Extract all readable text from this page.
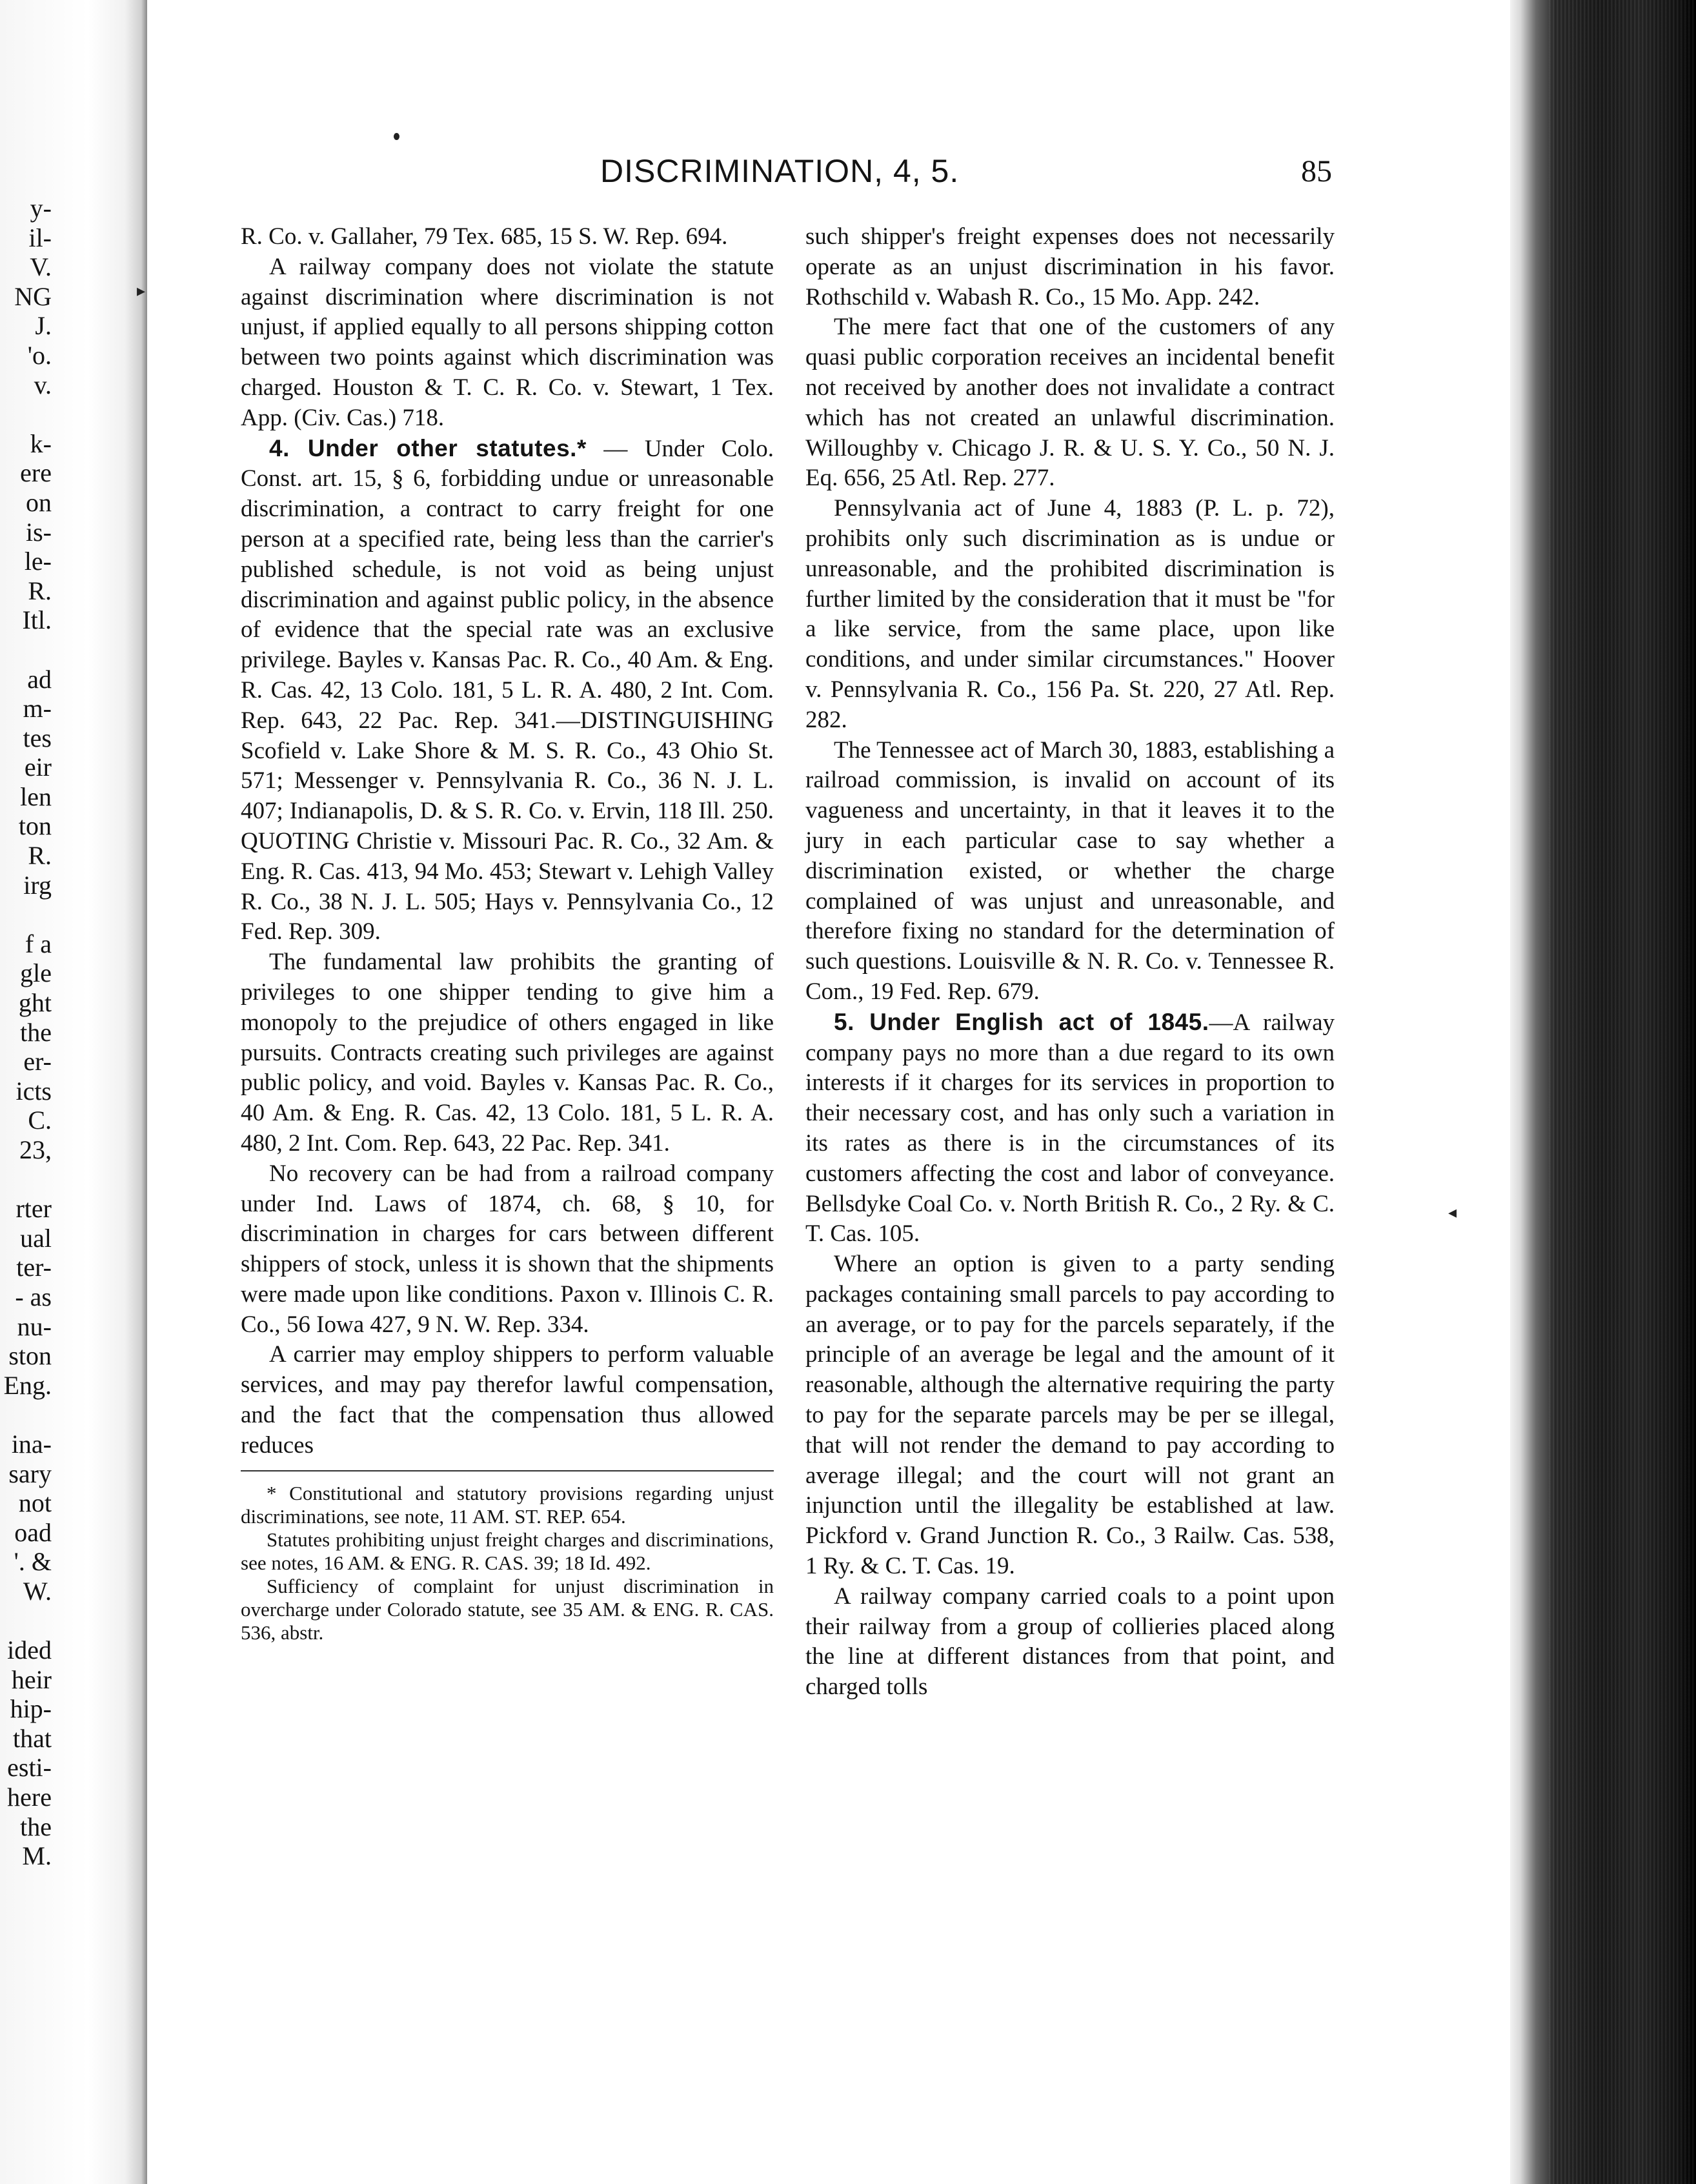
y-
il-
V.
NG
J.
'o.
v.
k-
ere
on
is-
le-
R.
Itl.
ad
m-
tes
eir
len
ton
R.
irg
f a
gle
ght
the
er-
icts
C.
23,
rter
ual
ter-
- as
nu-
ston
Eng.
ina-
sary
not
oad
'. &
W.
ided
heir
hip-
that
esti-
here
the
M.
▸
◂
DISCRIMINATION, 4, 5.	85

R. Co. v. Gallaher, 79 Tex. 685, 15 S. W. Rep. 694.

A railway company does not violate the statute against discrimination where discrimination is not unjust, if applied equally to all persons shipping cotton between two points against which discrimination was charged. Houston & T. C. R. Co. v. Stewart, 1 Tex. App. (Civ. Cas.) 718.

4. Under other statutes.* — Under Colo. Const. art. 15, § 6, forbidding undue or unreasonable discrimination, a contract to carry freight for one person at a specified rate, being less than the carrier's published schedule, is not void as being unjust discrimination and against public policy, in the absence of evidence that the special rate was an exclusive privilege. Bayles v. Kansas Pac. R. Co., 40 Am. & Eng. R. Cas. 42, 13 Colo. 181, 5 L. R. A. 480, 2 Int. Com. Rep. 643, 22 Pac. Rep. 341.—DISTINGUISHING Scofield v. Lake Shore & M. S. R. Co., 43 Ohio St. 571; Messenger v. Pennsylvania R. Co., 36 N. J. L. 407; Indianapolis, D. & S. R. Co. v. Ervin, 118 Ill. 250. QUOTING Christie v. Missouri Pac. R. Co., 32 Am. & Eng. R. Cas. 413, 94 Mo. 453; Stewart v. Lehigh Valley R. Co., 38 N. J. L. 505; Hays v. Pennsylvania Co., 12 Fed. Rep. 309.

The fundamental law prohibits the granting of privileges to one shipper tending to give him a monopoly to the prejudice of others engaged in like pursuits. Contracts creating such privileges are against public policy, and void. Bayles v. Kansas Pac. R. Co., 40 Am. & Eng. R. Cas. 42, 13 Colo. 181, 5 L. R. A. 480, 2 Int. Com. Rep. 643, 22 Pac. Rep. 341.

No recovery can be had from a railroad company under Ind. Laws of 1874, ch. 68, § 10, for discrimination in charges for cars between different shippers of stock, unless it is shown that the shipments were made upon like conditions. Paxon v. Illinois C. R. Co., 56 Iowa 427, 9 N. W. Rep. 334.

A carrier may employ shippers to perform valuable services, and may pay therefor lawful compensation, and the fact that the compensation thus allowed reduces

* Constitutional and statutory provisions regarding unjust discriminations, see note, 11 AM. ST. REP. 654.

Statutes prohibiting unjust freight charges and discriminations, see notes, 16 AM. & ENG. R. CAS. 39; 18 Id. 492.

Sufficiency of complaint for unjust discrimination in overcharge under Colorado statute, see 35 AM. & ENG. R. CAS. 536, abstr.

such shipper's freight expenses does not necessarily operate as an unjust discrimination in his favor. Rothschild v. Wabash R. Co., 15 Mo. App. 242.

The mere fact that one of the customers of any quasi public corporation receives an incidental benefit not received by another does not invalidate a contract which has not created an unlawful discrimination. Willoughby v. Chicago J. R. & U. S. Y. Co., 50 N. J. Eq. 656, 25 Atl. Rep. 277.

Pennsylvania act of June 4, 1883 (P. L. p. 72), prohibits only such discrimination as is undue or unreasonable, and the prohibited discrimination is further limited by the consideration that it must be "for a like service, from the same place, upon like conditions, and under similar circumstances." Hoover v. Pennsylvania R. Co., 156 Pa. St. 220, 27 Atl. Rep. 282.

The Tennessee act of March 30, 1883, establishing a railroad commission, is invalid on account of its vagueness and uncertainty, in that it leaves it to the jury in each particular case to say whether a discrimination existed, or whether the charge complained of was unjust and unreasonable, and therefore fixing no standard for the determination of such questions. Louisville & N. R. Co. v. Tennessee R. Com., 19 Fed. Rep. 679.

5. Under English act of 1845.—A railway company pays no more than a due regard to its own interests if it charges for its services in proportion to their necessary cost, and has only such a variation in its rates as there is in the circumstances of its customers affecting the cost and labor of conveyance. Bellsdyke Coal Co. v. North British R. Co., 2 Ry. & C. T. Cas. 105.

Where an option is given to a party sending packages containing small parcels to pay according to an average, or to pay for the parcels separately, if the principle of an average be legal and the amount of it reasonable, although the alternative requiring the party to pay for the separate parcels may be per se illegal, that will not render the demand to pay according to average illegal; and the court will not grant an injunction until the illegality be established at law. Pickford v. Grand Junction R. Co., 3 Railw. Cas. 538, 1 Ry. & C. T. Cas. 19.

A railway company carried coals to a point upon their railway from a group of collieries placed along the line at different distances from that point, and charged tolls
